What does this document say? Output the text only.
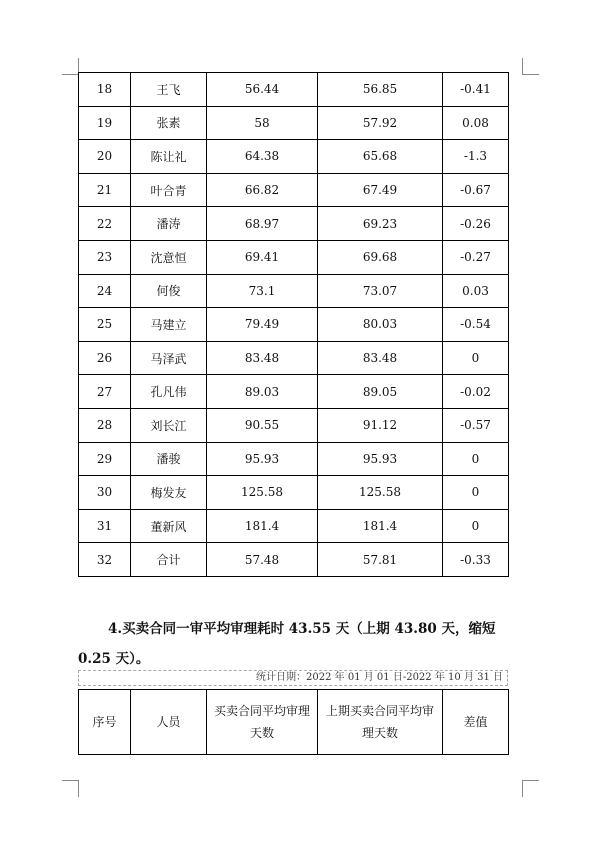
18	王飞	56.44	56.85	-0.41
19	张素	58	57.92	0.08
20	陈让礼	64.38	65.68	-1.3
21	叶合青	66.82	67.49	-0.67
22	潘涛	68.97	69.23	-0.26
23	沈意恒	69.41	69.68	-0.27
24	何俊	73.1	73.07	0.03
25	马建立	79.49	80.03	-0.54
26	马泽武	83.48	83.48	0
27	孔凡伟	89.03	89.05	-0.02
28	刘长江	90.55	91.12	-0.57
29	潘骏	95.93	95.93	0
30	梅发友	125.58	125.58	0
31	董新风	181.4	181.4	0
32	合计	57.48	57.81	-0.33

4.买卖合同一审平均审理耗时 43.55 天（上期 43.80 天，缩短 0.25 天）。

统计日期：2022 年 01 月 01 日-2022 年 10 月 31 日
序号	人员	买卖合同平均审理天数	上期买卖合同平均审理天数	差值
